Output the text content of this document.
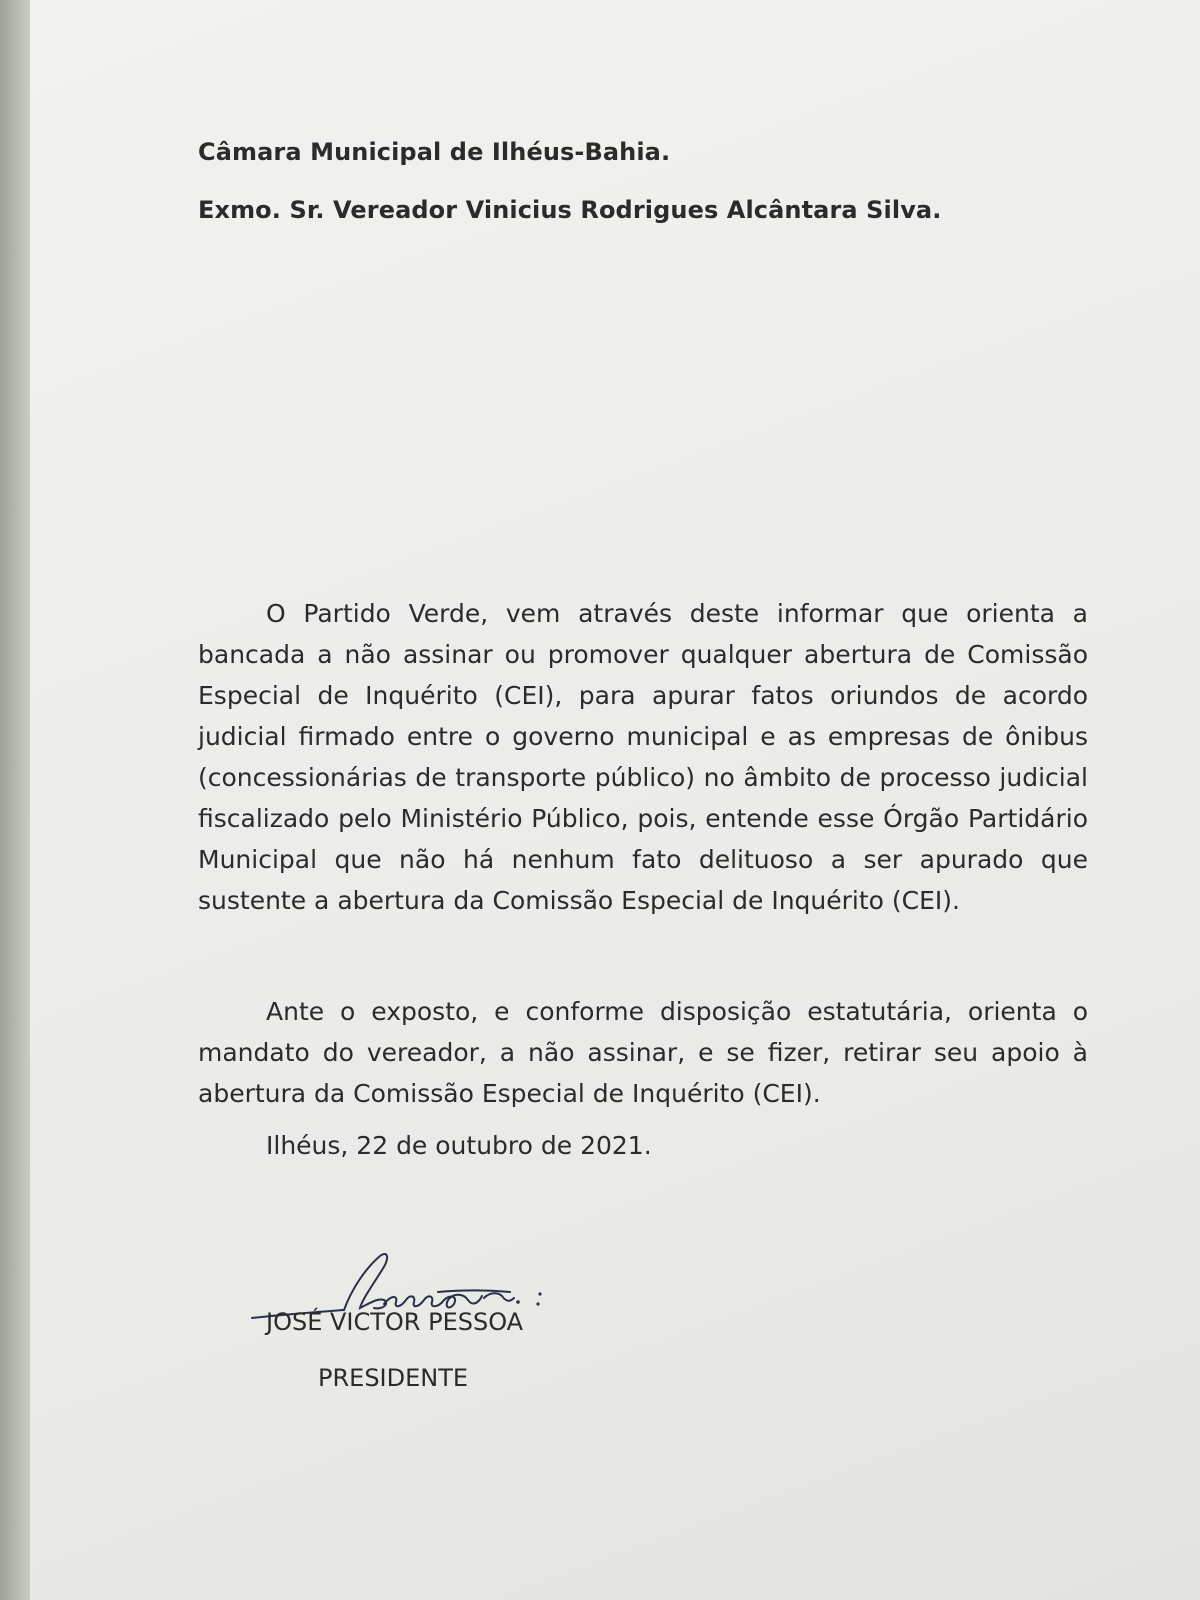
Câmara Municipal de Ilhéus-Bahia.
Exmo. Sr. Vereador Vinicius Rodrigues Alcântara Silva.
O Partido Verde, vem através deste informar que orienta a bancada a não assinar ou promover qualquer abertura de Comissão Especial de Inquérito (CEI), para apurar fatos oriundos de acordo judicial firmado entre o governo municipal e as empresas de ônibus (concessionárias de transporte público) no âmbito de processo judicial fiscalizado pelo Ministério Público, pois, entende esse Órgão Partidário Municipal que não há nenhum fato delituoso a ser apurado que sustente a abertura da Comissão Especial de Inquérito (CEI).
Ante o exposto, e conforme disposição estatutária, orienta o mandato do vereador, a não assinar, e se fizer, retirar seu apoio à abertura da Comissão Especial de Inquérito (CEI).
Ilhéus, 22 de outubro de 2021.
JOSÉ VICTOR PESSOA
PRESIDENTE
